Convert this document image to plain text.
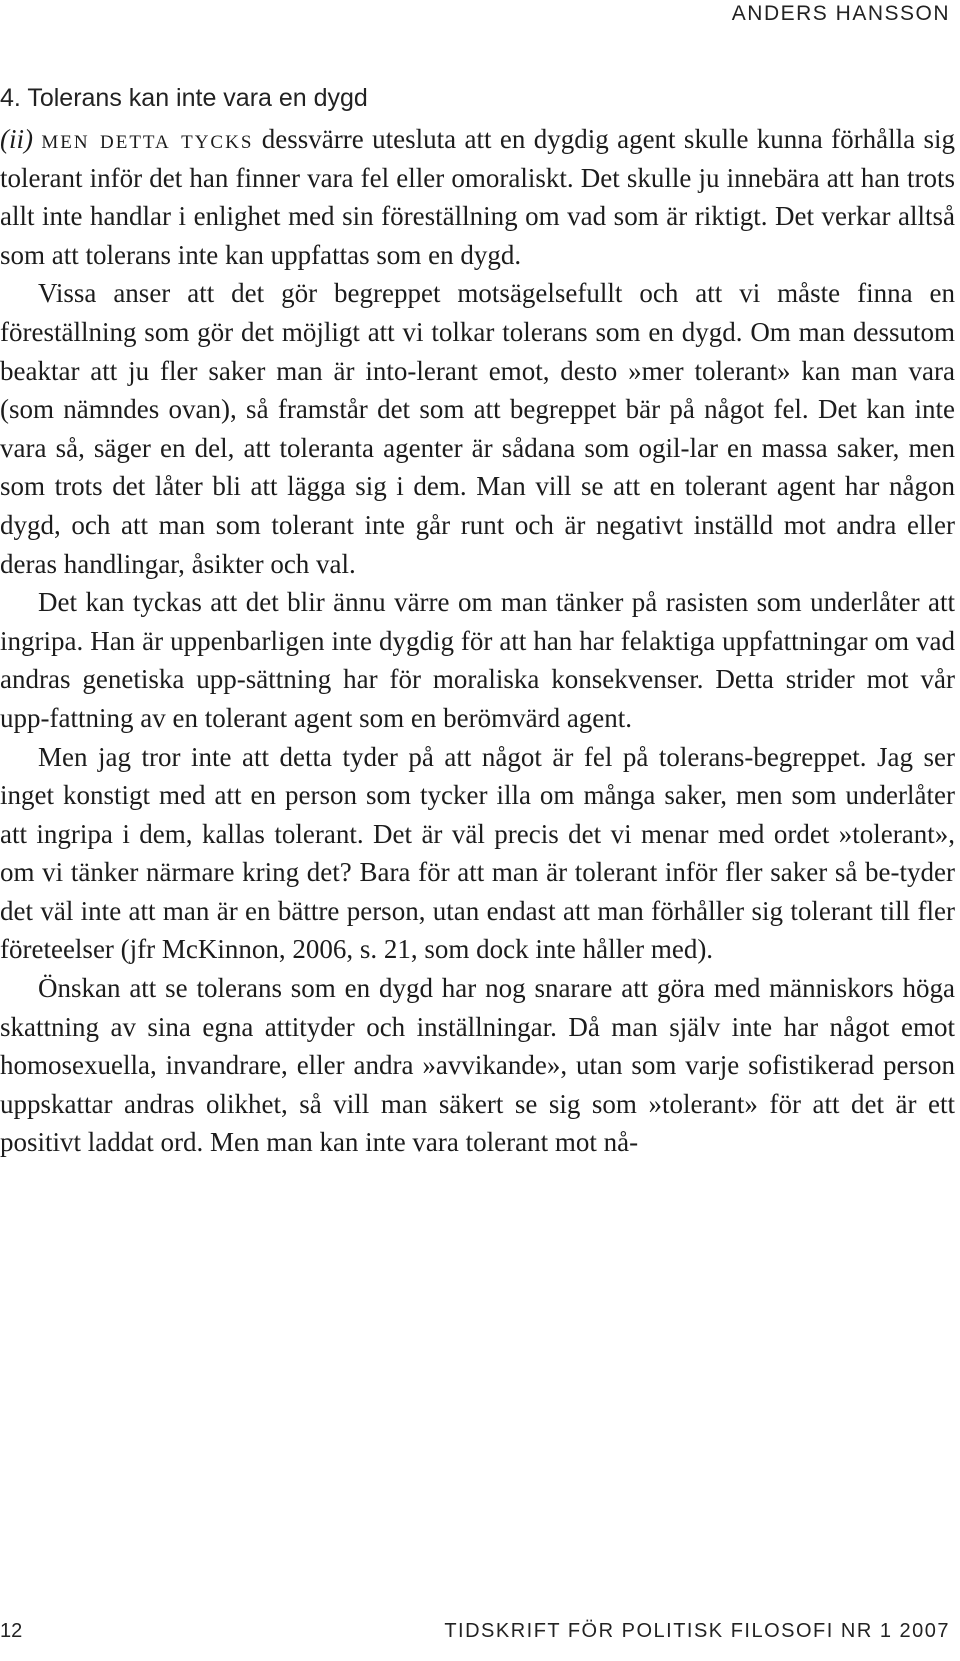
ANDERS HANSSON
4. Tolerans kan inte vara en dygd

(ii) men detta tycks dessvärre utesluta att en dygdig agent skulle kunna förhålla sig tolerant inför det han finner vara fel eller omoraliskt. Det skulle ju innebära att han trots allt inte handlar i enlighet med sin föreställning om vad som är riktigt. Det verkar alltså som att tolerans inte kan uppfattas som en dygd.

Vissa anser att det gör begreppet motsägelsefullt och att vi måste finna en föreställning som gör det möjligt att vi tolkar tolerans som en dygd. Om man dessutom beaktar att ju fler saker man är into-lerant emot, desto »mer tolerant» kan man vara (som nämndes ovan), så framstår det som att begreppet bär på något fel. Det kan inte vara så, säger en del, att toleranta agenter är sådana som ogil-lar en massa saker, men som trots det låter bli att lägga sig i dem. Man vill se att en tolerant agent har någon dygd, och att man som tolerant inte går runt och är negativt inställd mot andra eller deras handlingar, åsikter och val.

Det kan tyckas att det blir ännu värre om man tänker på rasisten som underlåter att ingripa. Han är uppenbarligen inte dygdig för att han har felaktiga uppfattningar om vad andras genetiska upp-sättning har för moraliska konsekvenser. Detta strider mot vår upp-fattning av en tolerant agent som en berömvärd agent.

Men jag tror inte att detta tyder på att något är fel på tolerans-begreppet. Jag ser inget konstigt med att en person som tycker illa om många saker, men som underlåter att ingripa i dem, kallas tolerant. Det är väl precis det vi menar med ordet »tolerant», om vi tänker närmare kring det? Bara för att man är tolerant inför fler saker så be-tyder det väl inte att man är en bättre person, utan endast att man förhåller sig tolerant till fler företeelser (jfr McKinnon, 2006, s. 21, som dock inte håller med).

Önskan att se tolerans som en dygd har nog snarare att göra med människors höga skattning av sina egna attityder och inställningar. Då man själv inte har något emot homosexuella, invandrare, eller andra »avvikande», utan som varje sofistikerad person uppskattar andras olikhet, så vill man säkert se sig som »tolerant» för att det är ett positivt laddat ord. Men man kan inte vara tolerant mot nå-

12	TIDSKRIFT FÖR POLITISK FILOSOFI NR 1 2007
